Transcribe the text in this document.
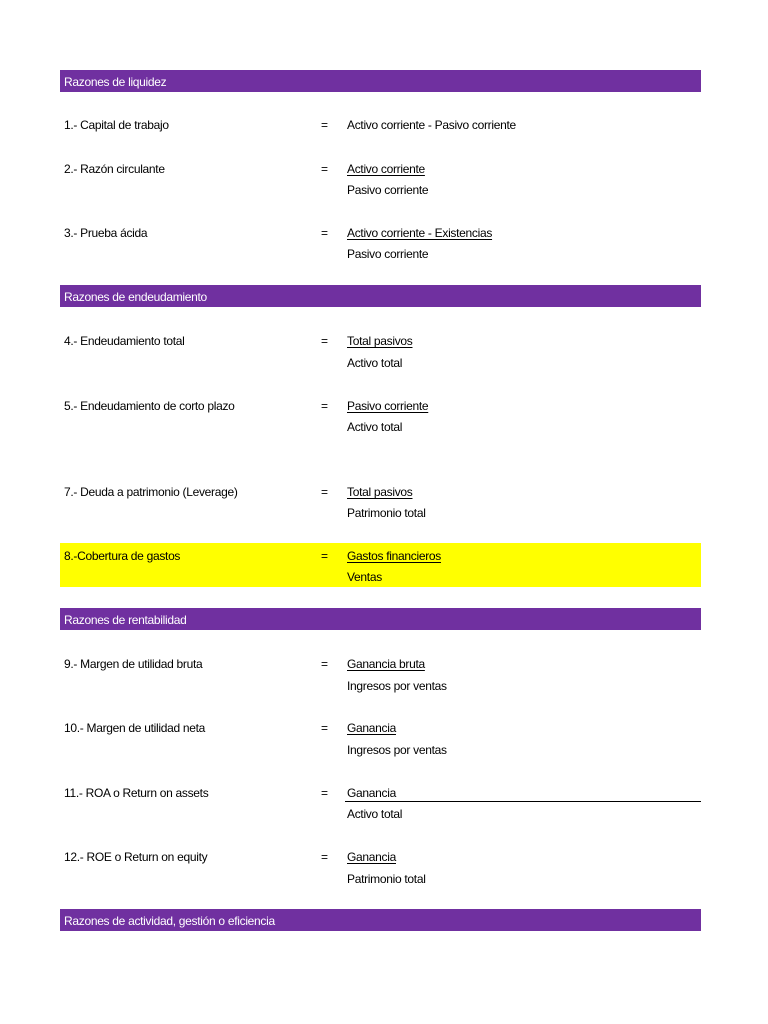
Razones de liquidez
Razones de endeudamiento
Razones de rentabilidad
Razones de actividad, gestión o eficiencia
1.- Capital de trabajo	= Activo corriente - Pasivo corriente
2.- Razón circulante	= Activo corriente
Pasivo corriente
3.- Prueba ácida	= Activo corriente - Existencias
Pasivo corriente
4.- Endeudamiento total	= Total pasivos
Activo total
5.- Endeudamiento de corto plazo	= Pasivo corriente
Activo total
7.- Deuda a patrimonio (Leverage)	= Total pasivos
Patrimonio total
8.-Cobertura de gastos	= Gastos financieros
Ventas
9.- Margen de utilidad bruta	= Ganancia bruta
Ingresos por ventas
10.- Margen de utilidad neta	= Ganancia
Ingresos por ventas
11.- ROA o Return on assets	= Ganancia
Activo total
12.- ROE o Return on equity	= Ganancia
Patrimonio total
